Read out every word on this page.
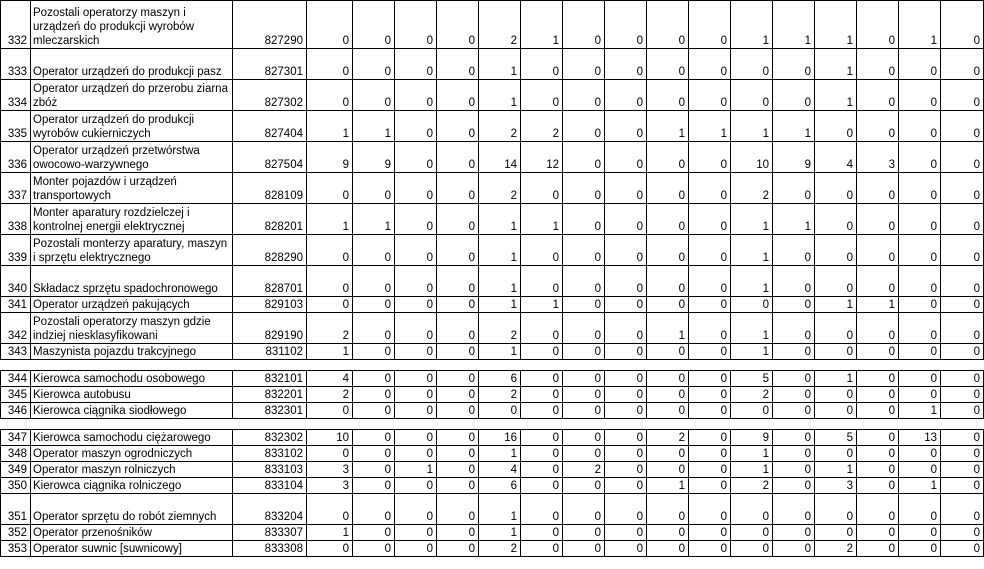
332	Pozostali operatorzy maszyn i urządzeń do produkcji wyrobów mleczarskich	827290	0	0	0	0	2	1	0	0	0	0	1	1	1	0	1	0
333	Operator urządzeń do produkcji pasz	827301	0	0	0	0	1	0	0	0	0	0	0	0	1	0	0	0
334	Operator urządzeń do przerobu ziarna zbóż	827302	0	0	0	0	1	0	0	0	0	0	0	0	1	0	0	0
335	Operator urządzeń do produkcji wyrobów cukierniczych	827404	1	1	0	0	2	2	0	0	1	1	1	1	0	0	0	0
336	Operator urządzeń przetwórstwa owocowo-warzywnego	827504	9	9	0	0	14	12	0	0	0	0	10	9	4	3	0	0
337	Monter pojazdów i urządzeń transportowych	828109	0	0	0	0	2	0	0	0	0	0	2	0	0	0	0	0
338	Monter aparatury rozdzielczej i kontrolnej energii elektrycznej	828201	1	1	0	0	1	1	0	0	0	0	1	1	0	0	0	0
339	Pozostali monterzy aparatury, maszyn i sprzętu elektrycznego	828290	0	0	0	0	1	0	0	0	0	0	1	0	0	0	0	0
340	Składacz sprzętu spadochronowego	828701	0	0	0	0	1	0	0	0	0	0	1	0	0	0	0	0
341	Operator urządzeń pakujących	829103	0	0	0	0	1	1	0	0	0	0	0	0	1	1	0	0
342	Pozostali operatorzy maszyn gdzie indziej niesklasyfikowani	829190	2	0	0	0	2	0	0	0	1	0	1	0	0	0	0	0
343	Maszynista pojazdu trakcyjnego	831102	1	0	0	0	1	0	0	0	0	0	1	0	0	0	0	0

344	Kierowca samochodu osobowego	832101	4	0	0	0	6	0	0	0	0	0	5	0	1	0	0	0
345	Kierowca autobusu	832201	2	0	0	0	2	0	0	0	0	0	2	0	0	0	0	0
346	Kierowca ciągnika siodłowego	832301	0	0	0	0	0	0	0	0	0	0	0	0	0	0	1	0

347	Kierowca samochodu ciężarowego	832302	10	0	0	0	16	0	0	0	2	0	9	0	5	0	13	0
348	Operator maszyn ogrodniczych	833102	0	0	0	0	1	0	0	0	0	0	1	0	0	0	0	0
349	Operator maszyn rolniczych	833103	3	0	1	0	4	0	2	0	0	0	1	0	1	0	0	0
350	Kierowca ciągnika rolniczego	833104	3	0	0	0	6	0	0	0	1	0	2	0	3	0	1	0
351	Operator sprzętu do robót ziemnych	833204	0	0	0	0	1	0	0	0	0	0	0	0	0	0	0	0
352	Operator przenośników	833307	1	0	0	0	1	0	0	0	0	0	0	0	0	0	0	0
353	Operator suwnic [suwnicowy]	833308	0	0	0	0	2	0	0	0	0	0	0	0	2	0	0	0
